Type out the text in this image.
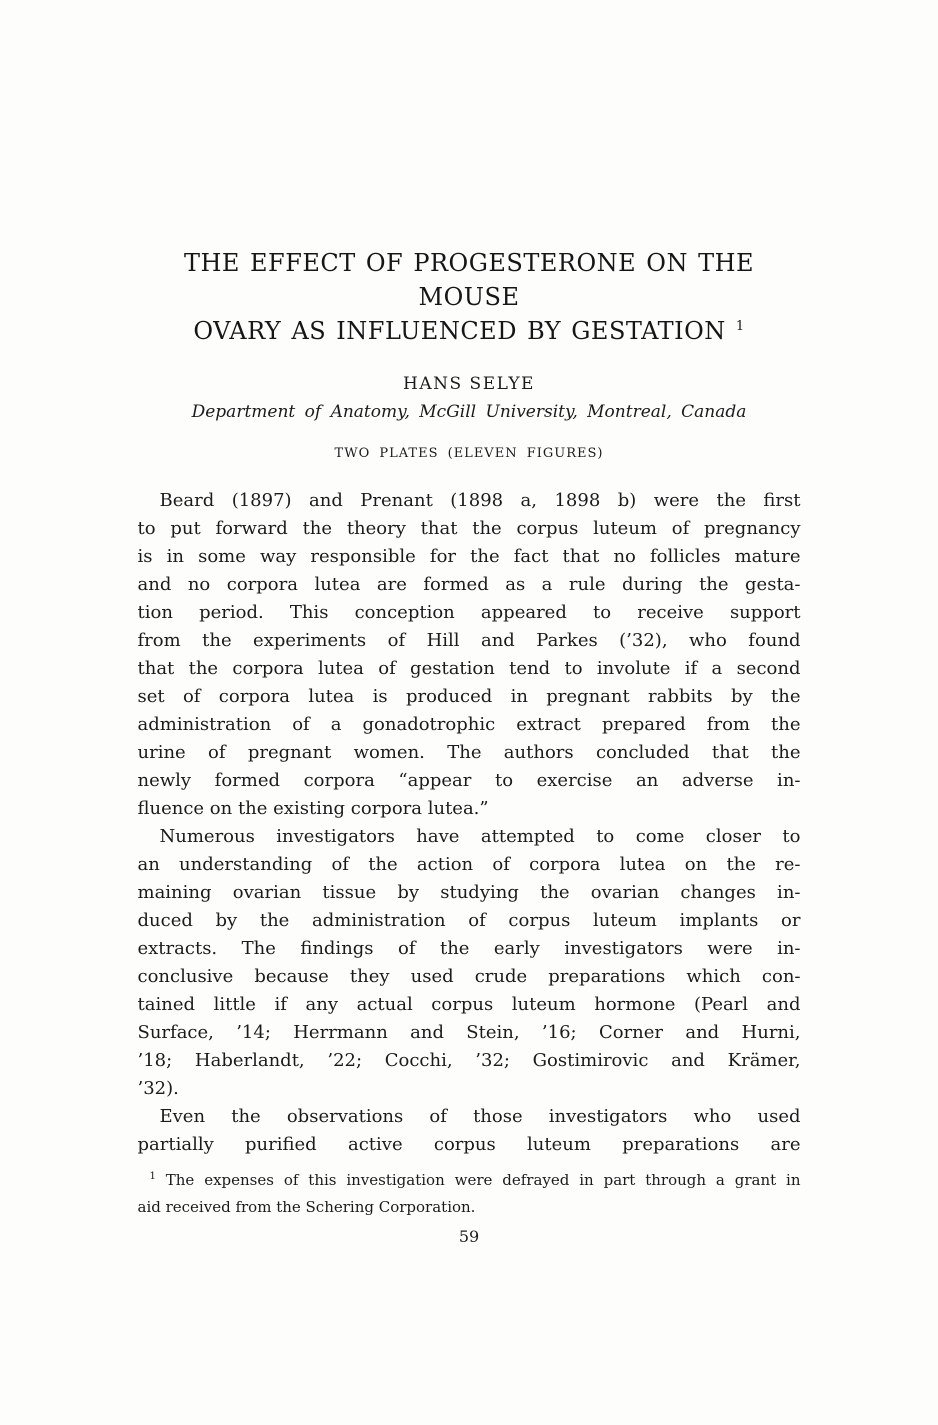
THE EFFECT OF PROGESTERONE ON THE MOUSE
OVARY AS INFLUENCED BY GESTATION $^1$
HANS SELYE
Department of Anatomy, McGill University, Montreal, Canada
TWO PLATES (ELEVEN FIGURES)
Beard (1897) and Prenant (1898 a, 1898 b) were the first
to put forward the theory that the corpus luteum of pregnancy
is in some way responsible for the fact that no follicles mature
and no corpora lutea are formed as a rule during the gesta-
tion period. This conception appeared to receive support
from the experiments of Hill and Parkes (’32), who found
that the corpora lutea of gestation tend to involute if a second
set of corpora lutea is produced in pregnant rabbits by the
administration of a gonadotrophic extract prepared from the
urine of pregnant women. The authors concluded that the
newly formed corpora “appear to exercise an adverse in-
fluence on the existing corpora lutea.”
Numerous investigators have attempted to come closer to
an understanding of the action of corpora lutea on the re-
maining ovarian tissue by studying the ovarian changes in-
duced by the administration of corpus luteum implants or
extracts. The findings of the early investigators were in-
conclusive because they used crude preparations which con-
tained little if any actual corpus luteum hormone (Pearl and
Surface, ’14; Herrmann and Stein, ’16; Corner and Hurni,
’18; Haberlandt, ’22; Cocchi, ’32; Gostimirovic and Krämer,
’32).
Even the observations of those investigators who used
partially purified active corpus luteum preparations are
$^1$ The expenses of this investigation were defrayed in part through a grant in
aid received from the Schering Corporation.
59
